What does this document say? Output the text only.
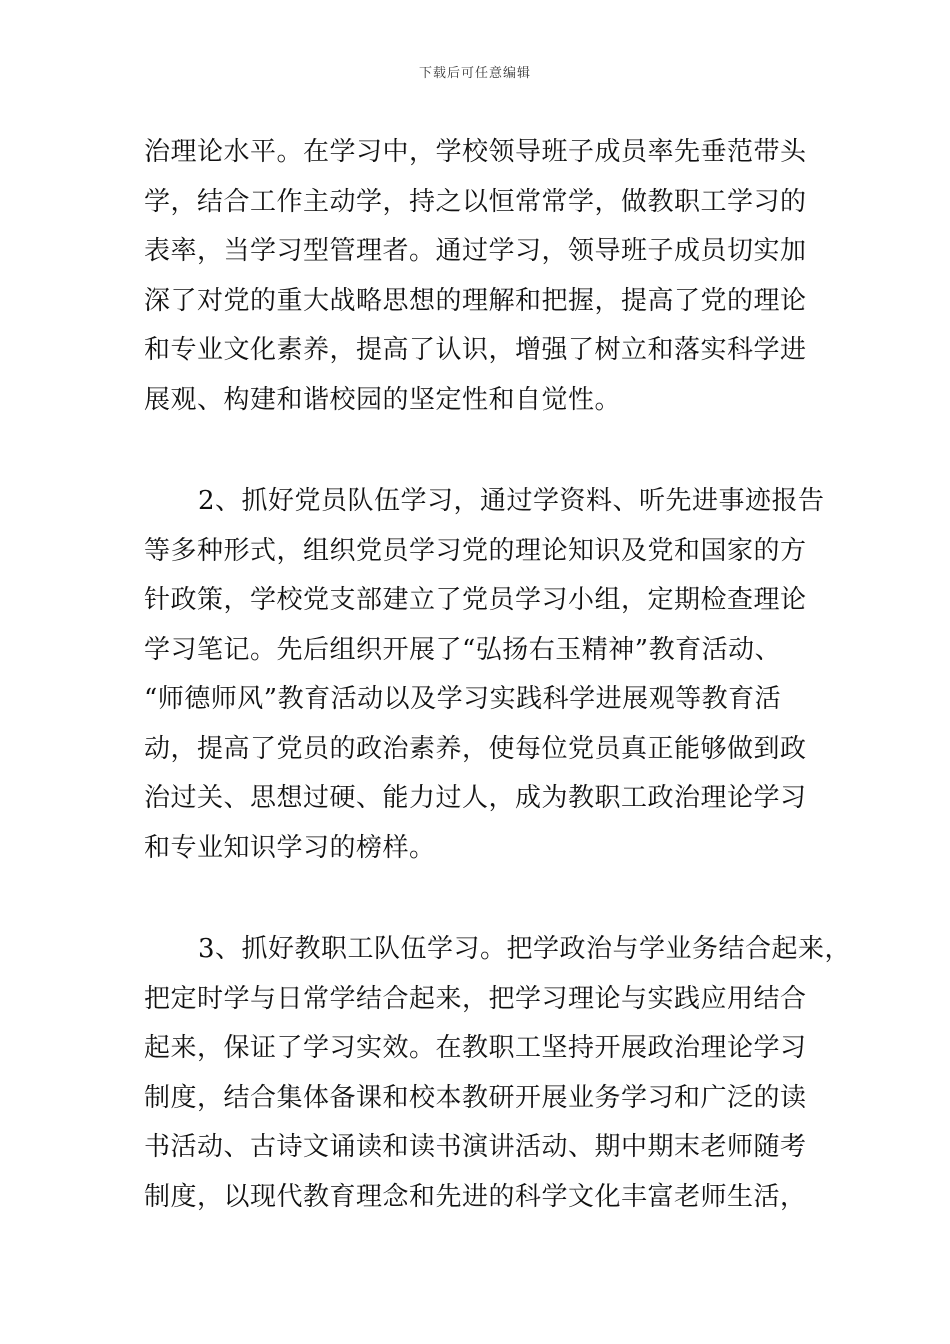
下载后可任意编辑
治理论水平。在学习中，学校领导班子成员率先垂范带头
学，结合工作主动学，持之以恒常常学，做教职工学习的
表率，当学习型管理者。通过学习，领导班子成员切实加
深了对党的重大战略思想的理解和把握，提高了党的理论
和专业文化素养，提高了认识，增强了树立和落实科学进
展观、构建和谐校园的坚定性和自觉性。
2、抓好党员队伍学习，通过学资料、听先进事迹报告
等多种形式，组织党员学习党的理论知识及党和国家的方
针政策，学校党支部建立了党员学习小组，定期检查理论
学习笔记。先后组织开展了“弘扬右玉精神”教育活动、
“师德师风”教育活动以及学习实践科学进展观等教育活
动，提高了党员的政治素养，使每位党员真正能够做到政
治过关、思想过硬、能力过人，成为教职工政治理论学习
和专业知识学习的榜样。
3、抓好教职工队伍学习。把学政治与学业务结合起来，
把定时学与日常学结合起来，把学习理论与实践应用结合
起来，保证了学习实效。在教职工坚持开展政治理论学习
制度，结合集体备课和校本教研开展业务学习和广泛的读
书活动、古诗文诵读和读书演讲活动、期中期末老师随考
制度，以现代教育理念和先进的科学文化丰富老师生活，
